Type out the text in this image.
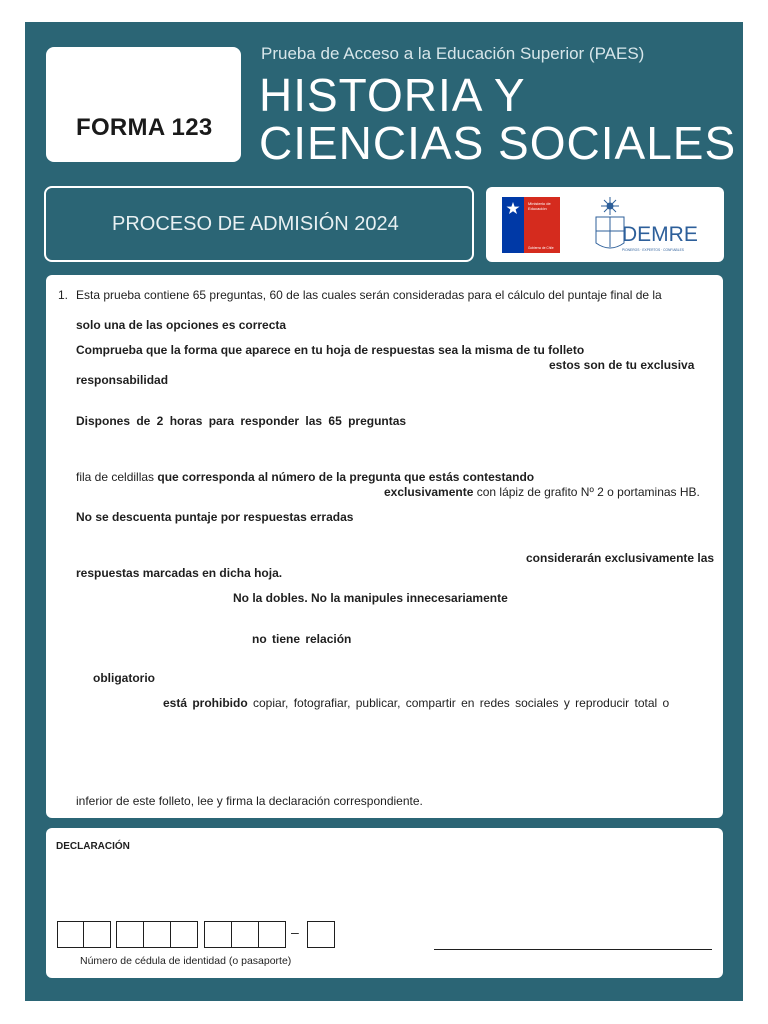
FORMA 123
Prueba de Acceso a la Educación Superior (PAES)
HISTORIA Y
CIENCIAS SOCIALES
PROCESO DE ADMISIÓN 2024
Ministerio de
Educación
Gobierno de Chile
DEMRE
PIONEROS · EXPERTOS · CONFIABLES
1. Esta prueba contiene 65 preguntas, 60 de las cuales serán consideradas para el cálculo del puntaje final de la
solo una de las opciones es correcta
Comprueba que la forma que aparece en tu hoja de respuestas sea la misma de tu folleto
estos son de tu exclusiva
responsabilidad
Dispones de 2 horas para responder las 65 preguntas
fila de celdillas que corresponda al número de la pregunta que estás contestando
exclusivamente con lápiz de grafito Nº 2 o portaminas HB.
No se descuenta puntaje por respuestas erradas
considerarán exclusivamente las
respuestas marcadas en dicha hoja.
No la dobles. No la manipules innecesariamente
no tiene relación
obligatorio
está prohibido copiar, fotografiar, publicar, compartir en redes sociales y reproducir total o
inferior de este folleto, lee y firma la declaración correspondiente.
DECLARACIÓN
–
Número de cédula de identidad (o pasaporte)
